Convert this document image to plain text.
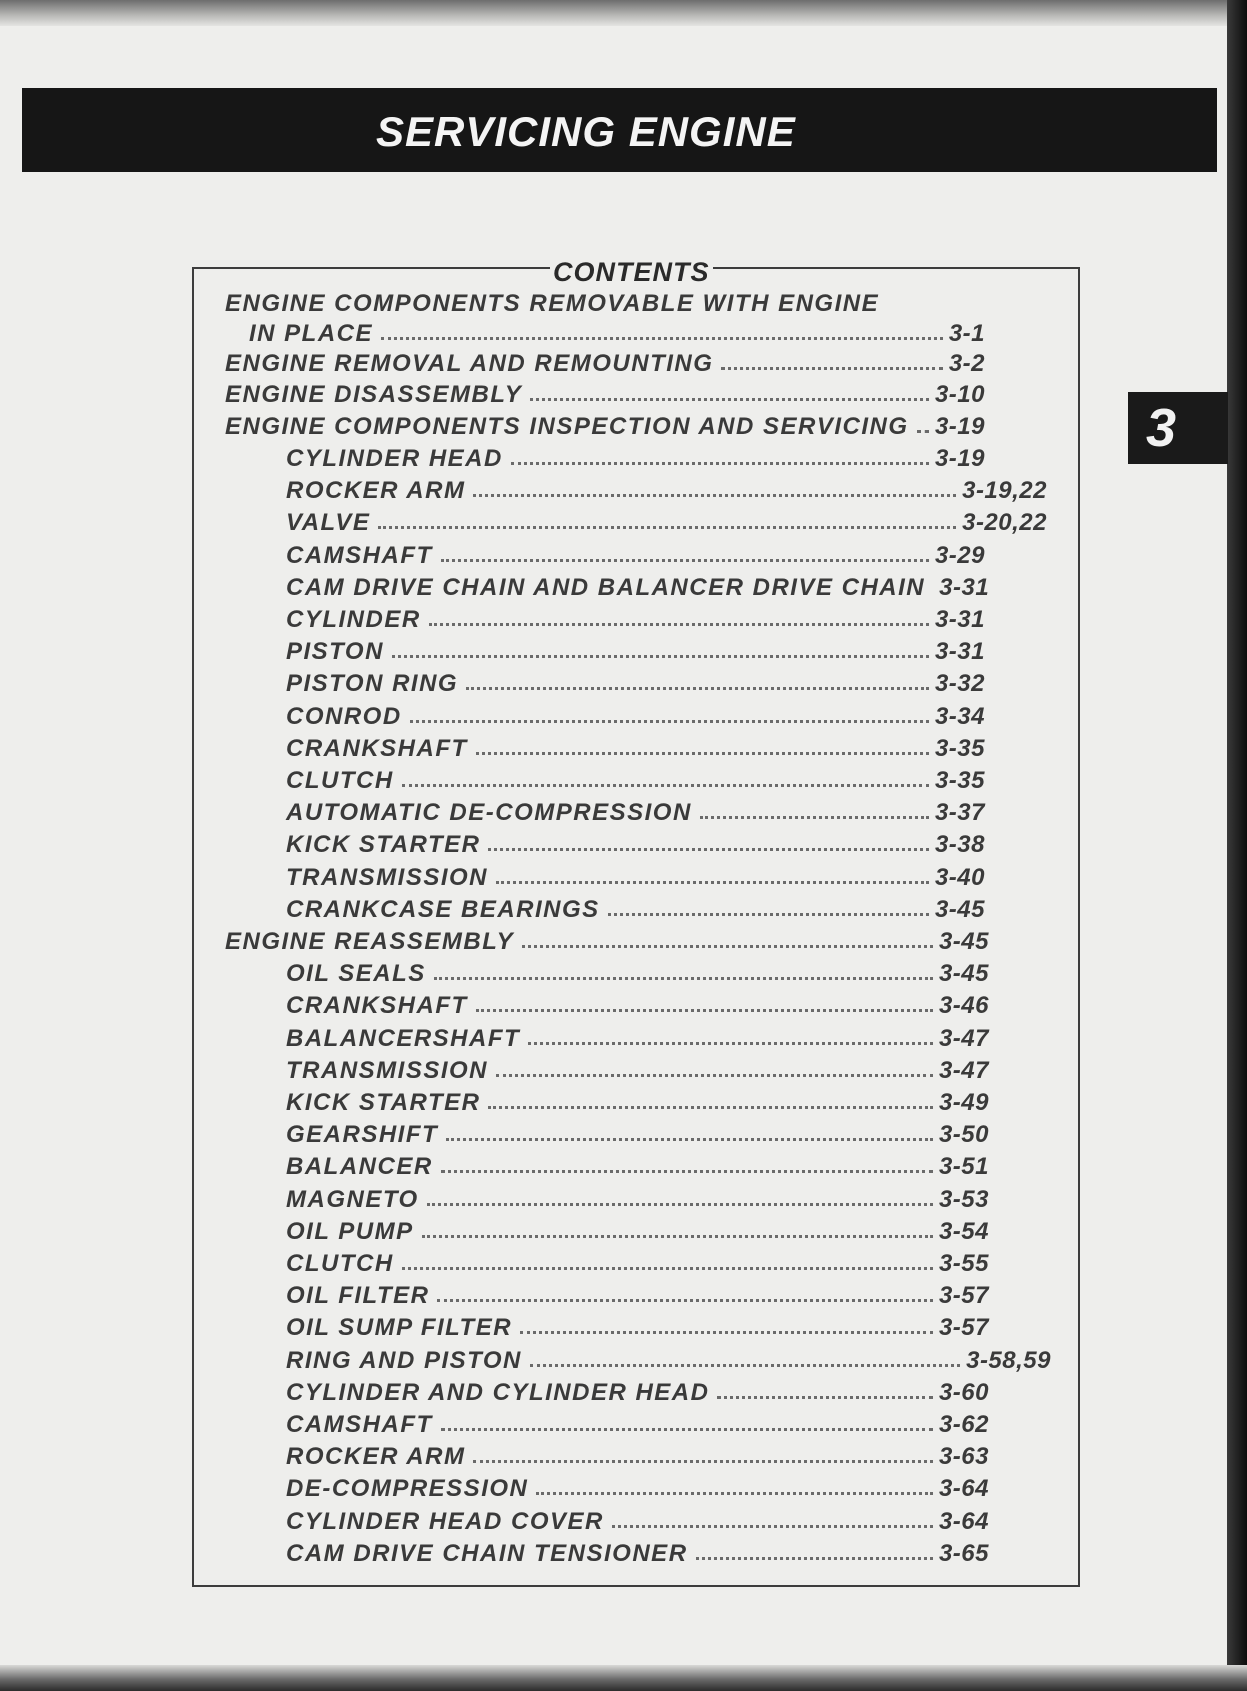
SERVICING ENGINE
3
CONTENTS
ENGINE COMPONENTS REMOVABLE WITH ENGINE
IN PLACE	3-1
ENGINE REMOVAL AND REMOUNTING	3-2
ENGINE DISASSEMBLY	3-10
ENGINE COMPONENTS INSPECTION AND SERVICING 3-19
CYLINDER HEAD	3-19
ROCKER ARM	3-19,22
VALVE	3-20,22
CAMSHAFT	3-29
CAM DRIVE CHAIN AND BALANCER DRIVE CHAIN 3-31
CYLINDER	3-31
PISTON	3-31
PISTON RING	3-32
CONROD	3-34
CRANKSHAFT	3-35
CLUTCH	3-35
AUTOMATIC DE-COMPRESSION	3-37
KICK STARTER	3-38
TRANSMISSION	3-40
CRANKCASE BEARINGS	3-45
ENGINE REASSEMBLY	3-45
OIL SEALS	3-45
CRANKSHAFT	3-46
BALANCERSHAFT	3-47
TRANSMISSION	3-47
KICK STARTER	3-49
GEARSHIFT	3-50
BALANCER	3-51
MAGNETO	3-53
OIL PUMP	3-54
CLUTCH	3-55
OIL FILTER	3-57
OIL SUMP FILTER	3-57
RING AND PISTON	3-58,59
CYLINDER AND CYLINDER HEAD	3-60
CAMSHAFT	3-62
ROCKER ARM	3-63
DE-COMPRESSION	3-64
CYLINDER HEAD COVER	3-64
CAM DRIVE CHAIN TENSIONER	3-65
